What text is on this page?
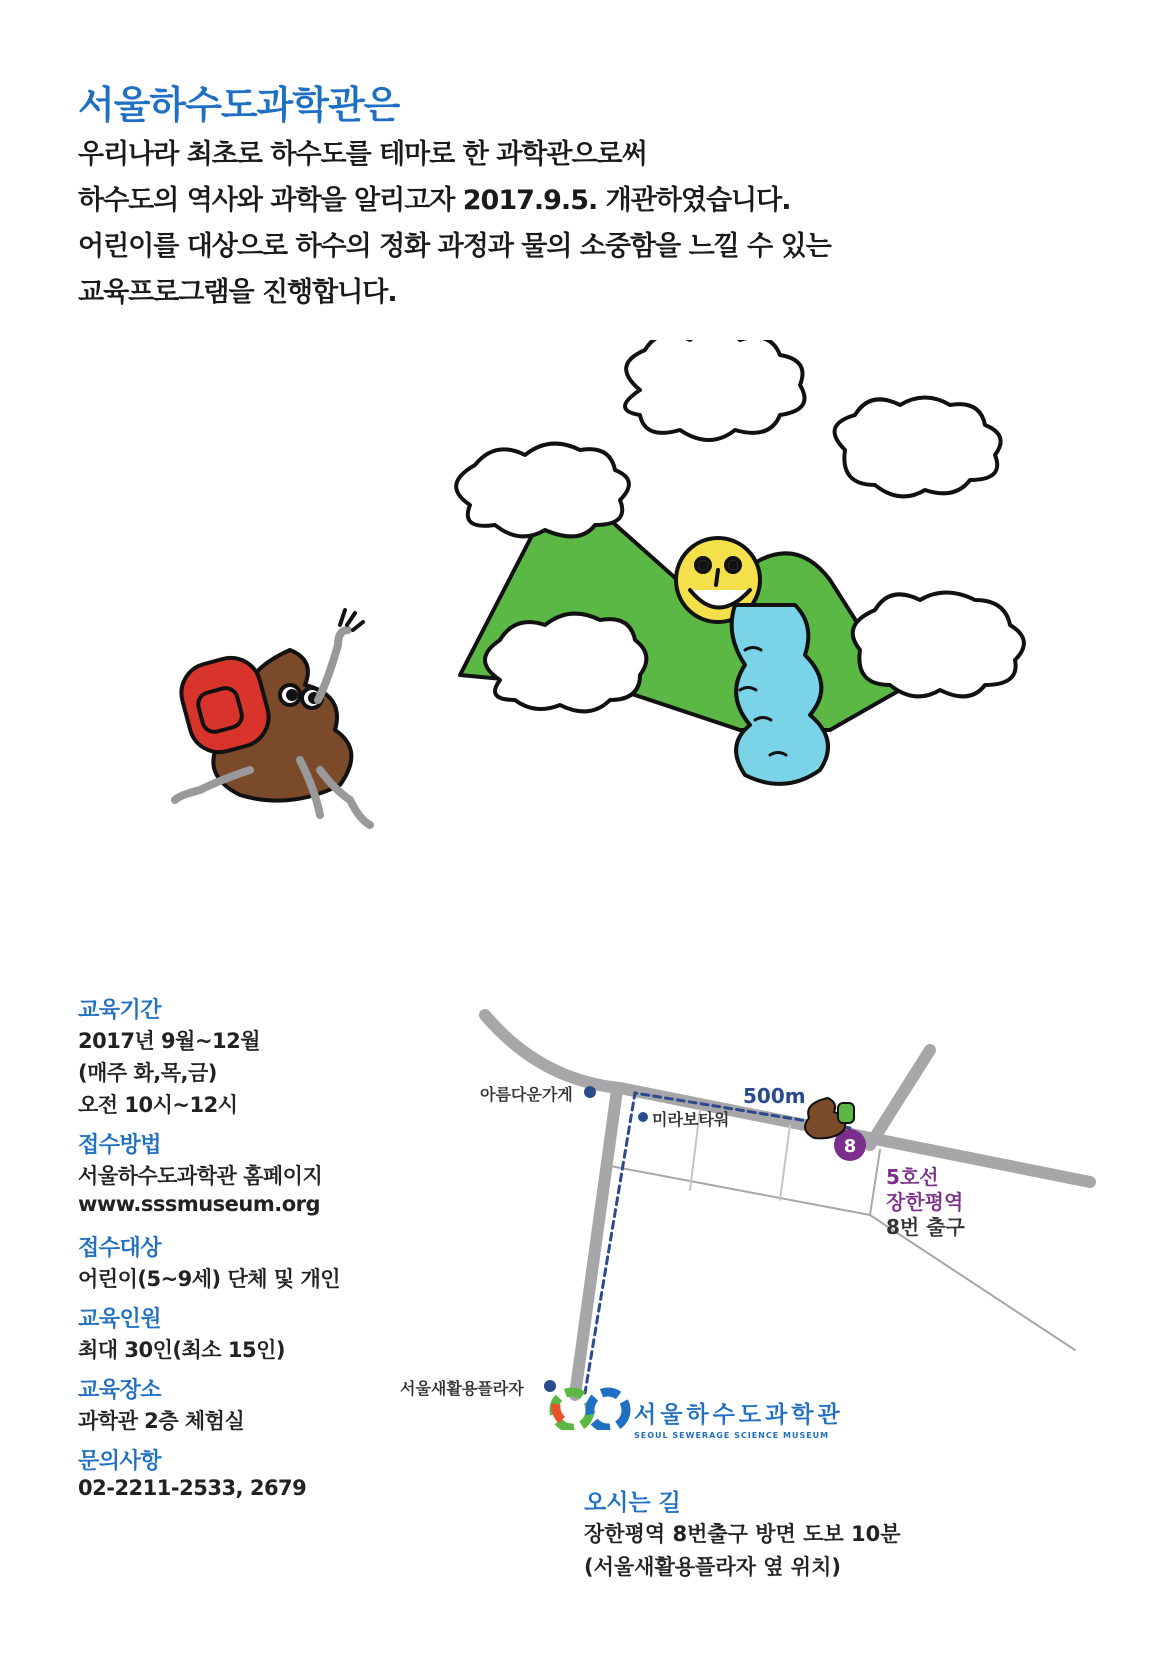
서울하수도과학관은

우리나라 최초로 하수도를 테마로 한 과학관으로써

하수도의 역사와 과학을 알리고자 2017.9.5. 개관하였습니다.

어린이를 대상으로 하수의 정화 과정과 물의 소중함을 느낄 수 있는

교육프로그램을 진행합니다.

교육기간

2017년 9월~12월

(매주 화,목,금)

오전 10시~12시

접수방법

서울하수도과학관 홈페이지

www.sssmuseum.org

접수대상

어린이(5~9세) 단체 및 개인

교육인원

최대 30인(최소 15인)

교육장소

과학관 2층 체험실

문의사항

02-2211-2533, 2679

8
아름다운가게
미라보타워
서울새활용플라자
500m
5호선
장한평역
8번 출구
서울하수도과학관
SEOUL SEWERAGE SCIENCE MUSEUM

오시는 길

장한평역 8번출구 방면 도보 10분

(서울새활용플라자 옆 위치)
